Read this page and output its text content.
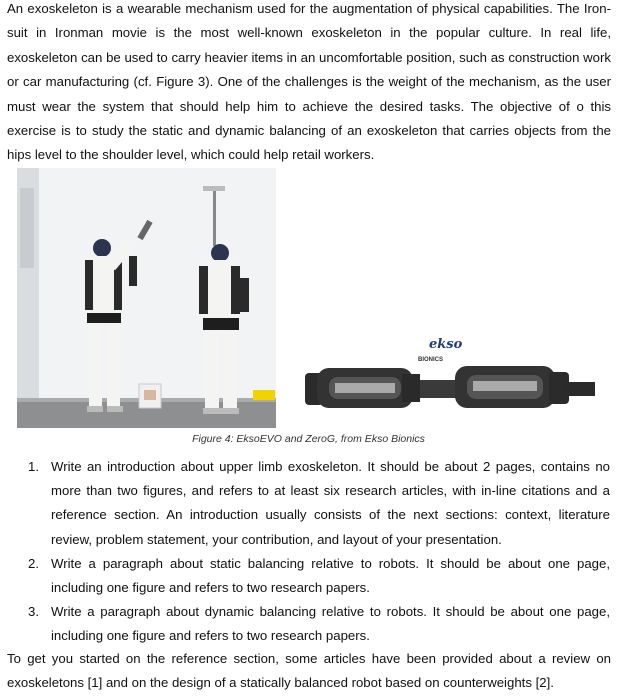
An exoskeleton is a wearable mechanism used for the augmentation of physical capabilities. The Iron-suit in Ironman movie is the most well-known exoskeleton in the popular culture. In real life, exoskeleton can be used to carry heavier items in an uncomfortable position, such as construction work or car manufacturing (cf. Figure 3). One of the challenges is the weight of the mechanism, as the user must wear the system that should help him to achieve the desired tasks. The objective of o this exercise is to study the static and dynamic balancing of an exoskeleton that carries objects from the hips level to the shoulder level, which could help retail workers.

ekso
BIONICS
Figure 4: EksoEVO and ZeroG, from Ekso Bionics
1. Write an introduction about upper limb exoskeleton. It should be about 2 pages, contains no more than two figures, and refers to at least six research articles, with in-line citations and a reference section. An introduction usually consists of the next sections: context, literature review, problem statement, your contribution, and layout of your presentation.
2. Write a paragraph about static balancing relative to robots. It should be about one page, including one figure and refers to two research papers.
3. Write a paragraph about dynamic balancing relative to robots. It should be about one page, including one figure and refers to two research papers.

To get you started on the reference section, some articles have been provided about a review on exoskeletons [1] and on the design of a statically balanced robot based on counterweights [2].
